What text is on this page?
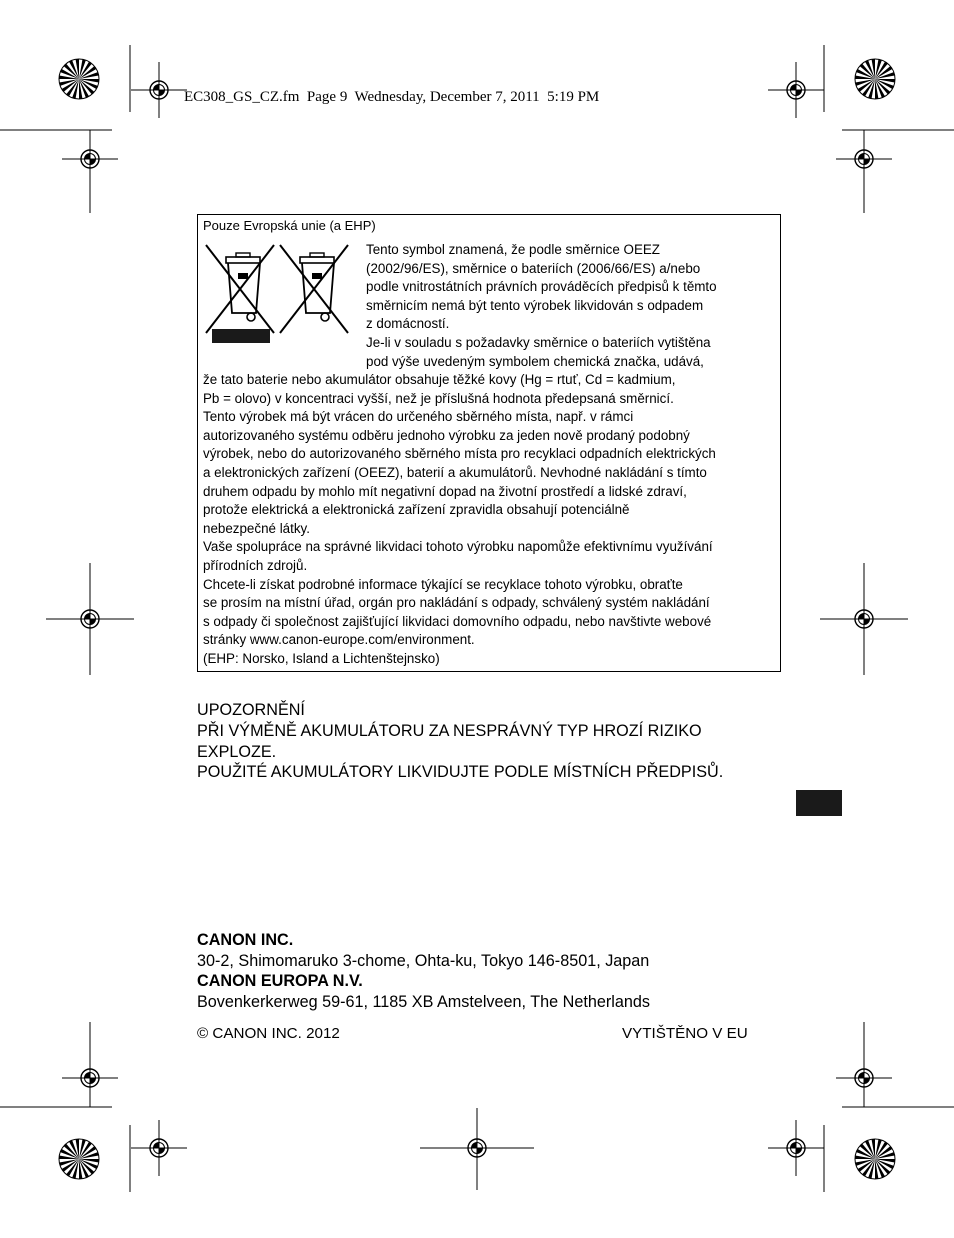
EC308_GS_CZ.fm  Page 9  Wednesday, December 7, 2011  5:19 PM
Pouze Evropská unie (a EHP)
Tento symbol znamená, že podle směrnice OEEZ
(2002/96/ES), směrnice o bateriích (2006/66/ES) a/nebo
podle vnitrostátních právních prováděcích předpisů k těmto
směrnicím nemá být tento výrobek likvidován s odpadem
z domácností.
Je-li v souladu s požadavky směrnice o bateriích vytištěna
pod výše uvedeným symbolem chemická značka, udává,
že tato baterie nebo akumulátor obsahuje těžké kovy (Hg = rtuť, Cd = kadmium,
Pb = olovo) v koncentraci vyšší, než je příslušná hodnota předepsaná směrnicí.
Tento výrobek má být vrácen do určeného sběrného místa, např. v rámci
autorizovaného systému odběru jednoho výrobku za jeden nově prodaný podobný
výrobek, nebo do autorizovaného sběrného místa pro recyklaci odpadních elektrických
a elektronických zařízení (OEEZ), baterií a akumulátorů. Nevhodné nakládání s tímto
druhem odpadu by mohlo mít negativní dopad na životní prostředí a lidské zdraví,
protože elektrická a elektronická zařízení zpravidla obsahují potenciálně
nebezpečné látky.
Vaše spolupráce na správné likvidaci tohoto výrobku napomůže efektivnímu využívání
přírodních zdrojů.
Chcete-li získat podrobné informace týkající se recyklace tohoto výrobku, obraťte
se prosím na místní úřad, orgán pro nakládání s odpady, schválený systém nakládání
s odpady či společnost zajišťující likvidaci domovního odpadu, nebo navštivte webové
stránky www.canon-europe.com/environment.
(EHP: Norsko, Island a Lichtenštejnsko)
UPOZORNĚNÍ
PŘI VÝMĚNĚ AKUMULÁTORU ZA NESPRÁVNÝ TYP HROZÍ RIZIKO
EXPLOZE.
POUŽITÉ AKUMULÁTORY LIKVIDUJTE PODLE MÍSTNÍCH PŘEDPISŮ.
CANON INC.
30-2, Shimomaruko 3-chome, Ohta-ku, Tokyo 146-8501, Japan
CANON EUROPA N.V.
Bovenkerkerweg 59-61, 1185 XB Amstelveen, The Netherlands
© CANON INC. 2012	VYTIŠTĚNO V EU
